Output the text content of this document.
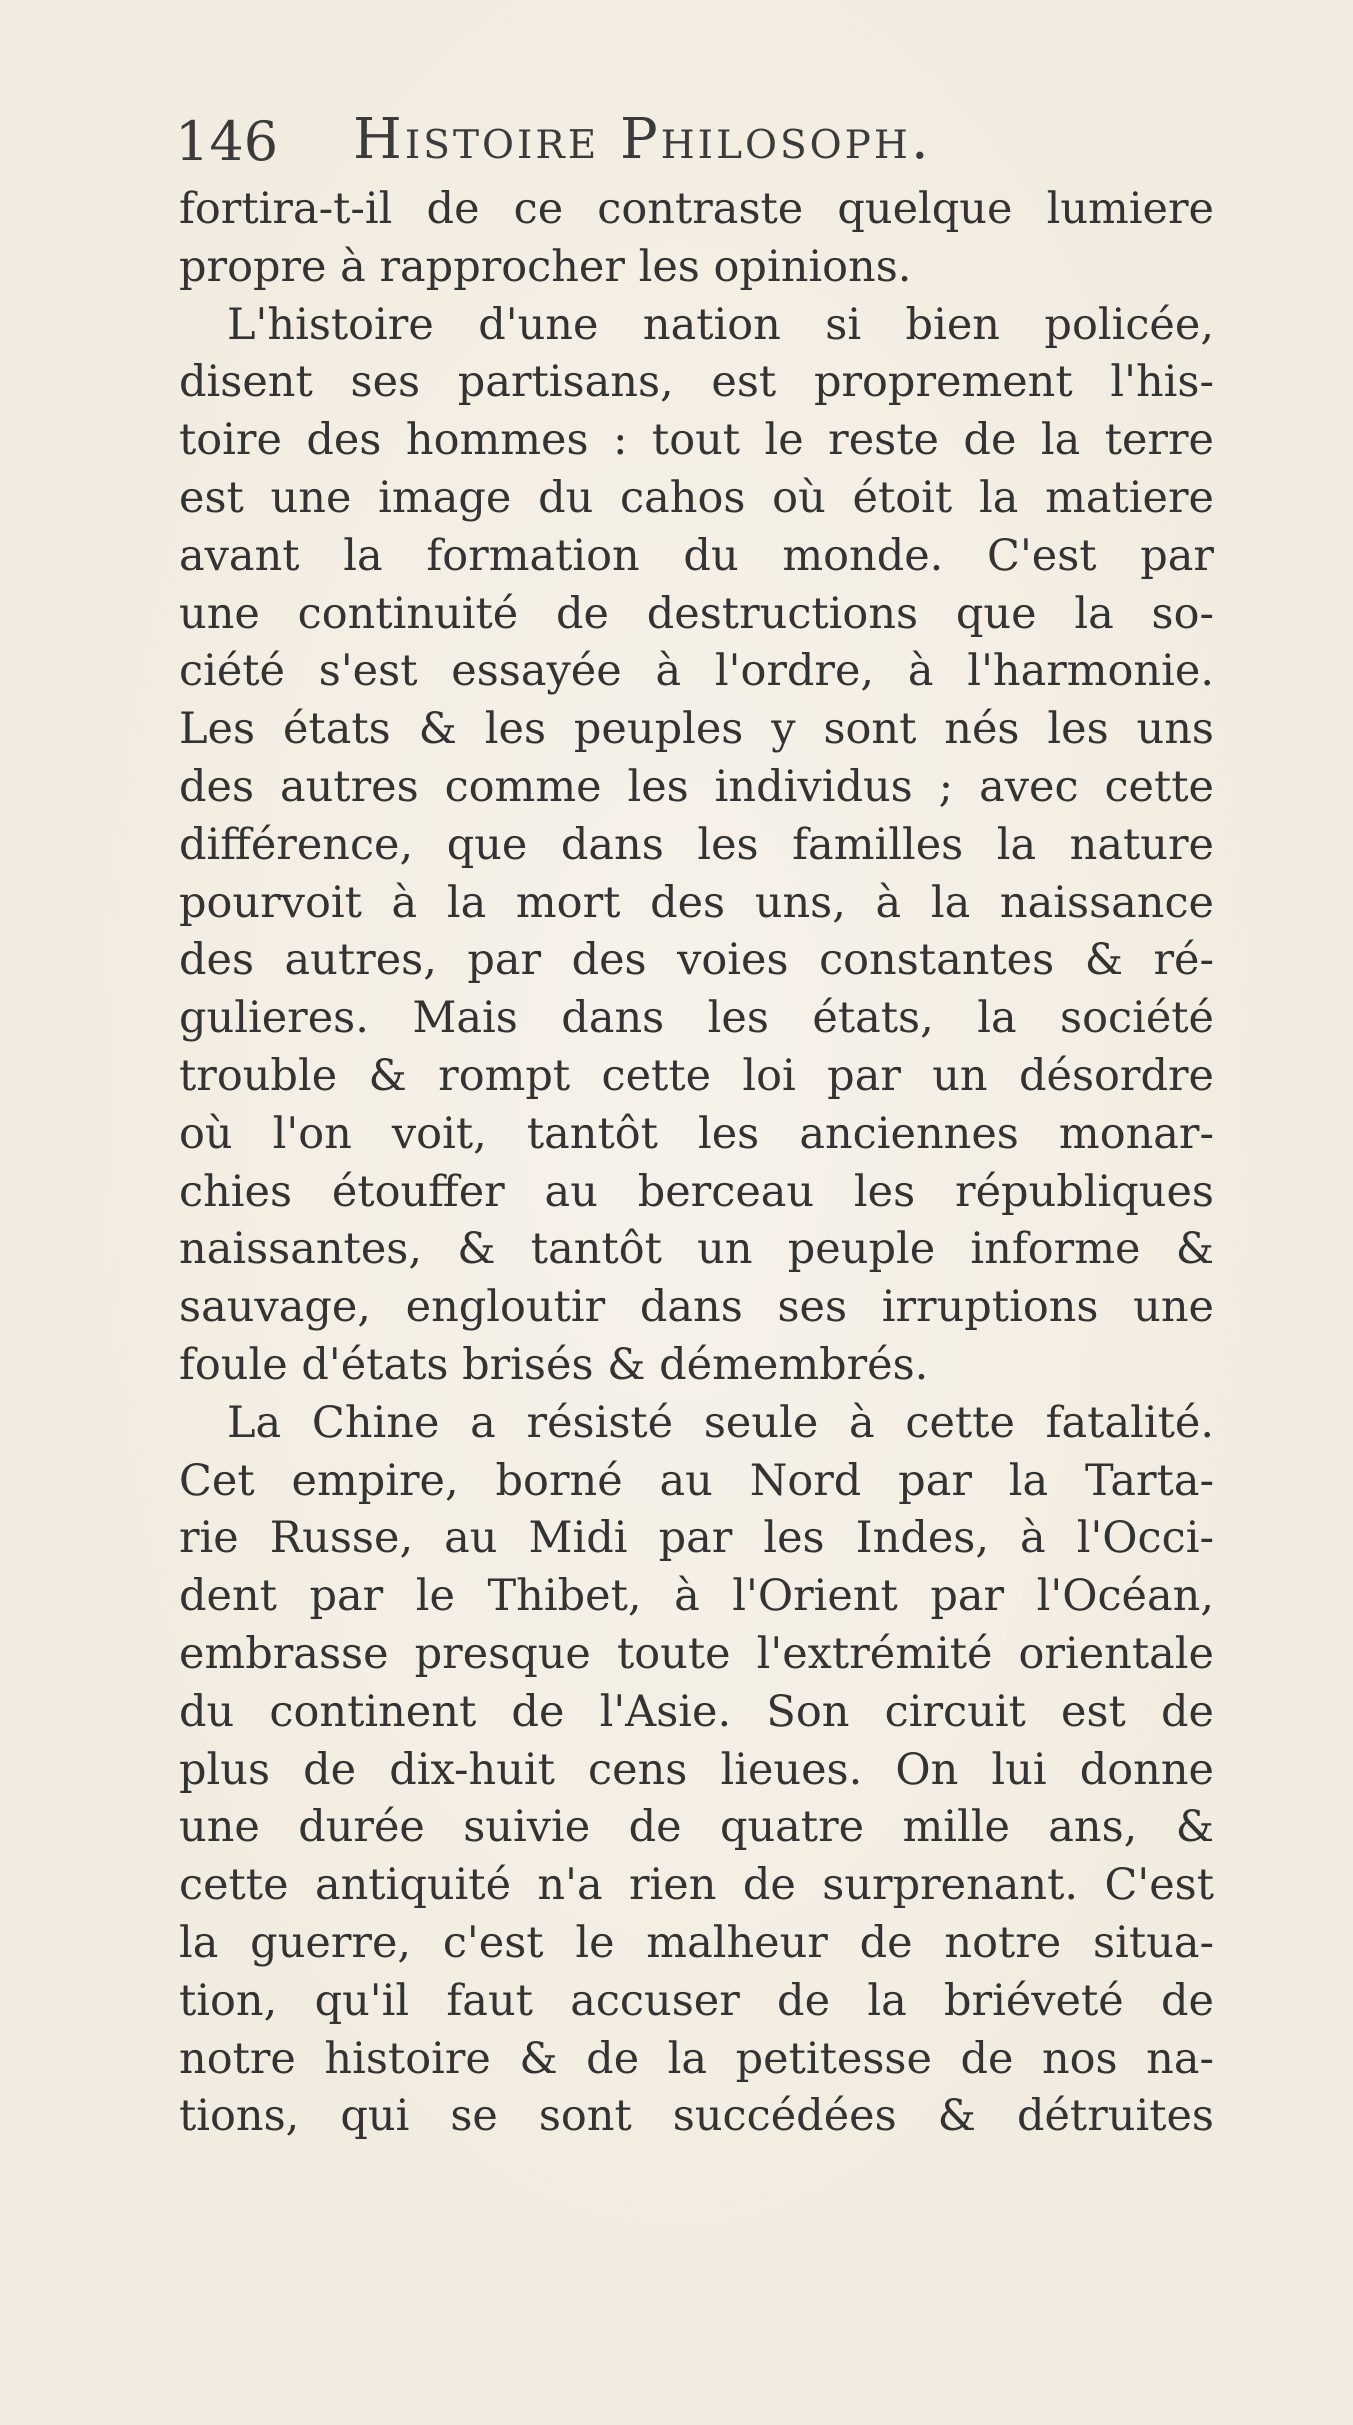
146 Histoire Philosoph.
fortira-t-il de ce contraste quelque lumiere
propre à rapprocher les opinions.
L'histoire d'une nation si bien policée,
disent ses partisans, est proprement l'his-
toire des hommes : tout le reste de la terre
est une image du cahos où étoit la matiere
avant la formation du monde. C'est par
une continuité de destructions que la so-
ciété s'est essayée à l'ordre, à l'harmonie.
Les états & les peuples y sont nés les uns
des autres comme les individus ; avec cette
différence, que dans les familles la nature
pourvoit à la mort des uns, à la naissance
des autres, par des voies constantes & ré-
gulieres. Mais dans les états, la société
trouble & rompt cette loi par un désordre
où l'on voit, tantôt les anciennes monar-
chies étouffer au berceau les républiques
naissantes, & tantôt un peuple informe &
sauvage, engloutir dans ses irruptions une
foule d'états brisés & démembrés.
La Chine a résisté seule à cette fatalité.
Cet empire, borné au Nord par la Tarta-
rie Russe, au Midi par les Indes, à l'Occi-
dent par le Thibet, à l'Orient par l'Océan,
embrasse presque toute l'extrémité orientale
du continent de l'Asie. Son circuit est de
plus de dix-huit cens lieues. On lui donne
une durée suivie de quatre mille ans, &
cette antiquité n'a rien de surprenant. C'est
la guerre, c'est le malheur de notre situa-
tion, qu'il faut accuser de la briéveté de
notre histoire & de la petitesse de nos na-
tions, qui se sont succédées & détruites
